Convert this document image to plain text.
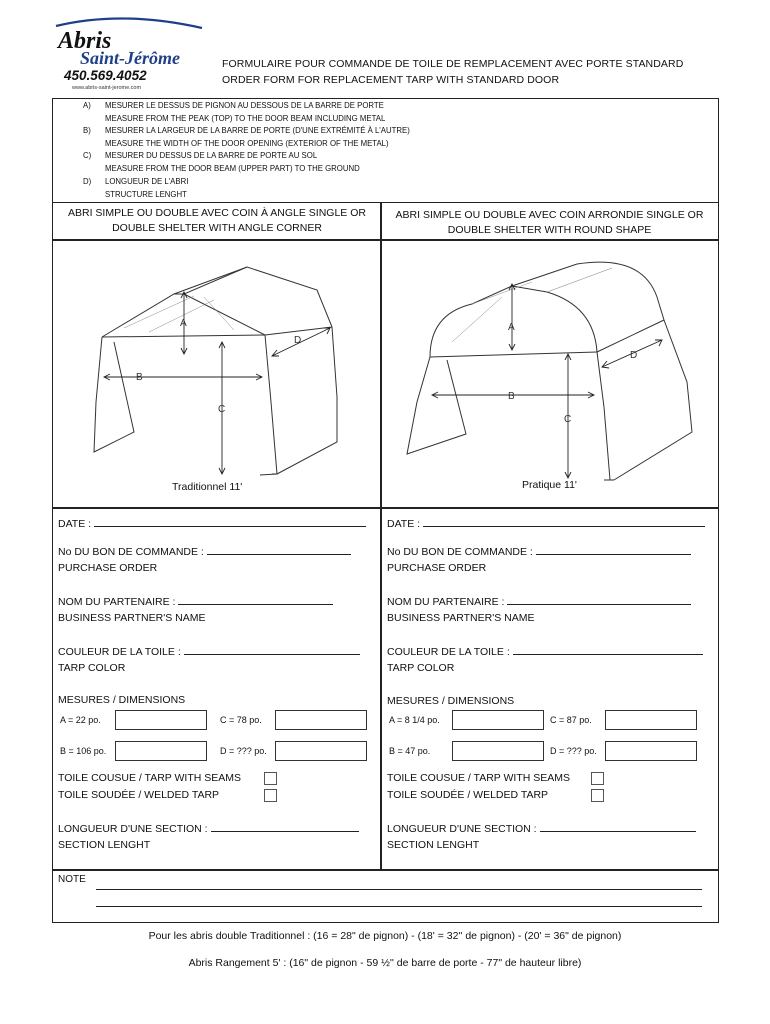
Abris
Saint-Jérôme
450.569.4052
www.abris-saint-jerome.com
FORMULAIRE POUR COMMANDE DE TOILE DE REMPLACEMENT AVEC PORTE STANDARD
ORDER FORM FOR REPLACEMENT TARP WITH STANDARD DOOR
A) MESURER LE DESSUS DE PIGNON AU DESSOUS DE LA BARRE DE PORTE
MEASURE FROM THE PEAK (TOP) TO THE DOOR BEAM INCLUDING METAL
B) MESURER LA LARGEUR DE LA BARRE DE PORTE (D'UNE EXTRÉMITÉ À L'AUTRE)
MEASURE THE WIDTH OF THE DOOR OPENING (EXTERIOR OF THE METAL)
C) MESURER DU DESSUS DE LA BARRE DE PORTE AU SOL
MEASURE FROM THE DOOR BEAM (UPPER PART) TO THE GROUND
D) LONGUEUR DE L'ABRI
STRUCTURE LENGHT
ABRI SIMPLE OU DOUBLE AVEC COIN À ANGLE SINGLE OR
DOUBLE SHELTER WITH ANGLE CORNER
ABRI SIMPLE OU DOUBLE AVEC COIN ARRONDIE SINGLE OR
DOUBLE SHELTER WITH ROUND SHAPE
A
B
C
D
Traditionnel 11'
A
B
C
D
Pratique 11'
DATE :
No DU BON DE COMMANDE :
PURCHASE ORDER
NOM DU PARTENAIRE :
BUSINESS PARTNER'S NAME
COULEUR DE LA TOILE :
TARP COLOR
MESURES / DIMENSIONS
A = 22 po.	C = 78 po.
B = 106 po.	D = ??? po.
TOILE COUSUE / TARP WITH SEAMS
TOILE SOUDÉE / WELDED TARP
LONGUEUR D'UNE SECTION :
SECTION LENGHT
DATE :
No DU BON DE COMMANDE :
PURCHASE ORDER
NOM DU PARTENAIRE :
BUSINESS PARTNER'S NAME
COULEUR DE LA TOILE :
TARP COLOR
MESURES / DIMENSIONS
A = 8 1/4 po.	C = 87 po.
B = 47 po.	D = ??? po.
TOILE COUSUE / TARP WITH SEAMS
TOILE SOUDÉE / WELDED TARP
LONGUEUR D'UNE SECTION :
SECTION LENGHT
NOTE
Pour les abris double Traditionnel : (16 = 28" de pignon) - (18' = 32'' de pignon) - (20' = 36" de pignon)
Abris Rangement 5' : (16" de pignon - 59 ½'' de barre de porte - 77" de hauteur libre)
